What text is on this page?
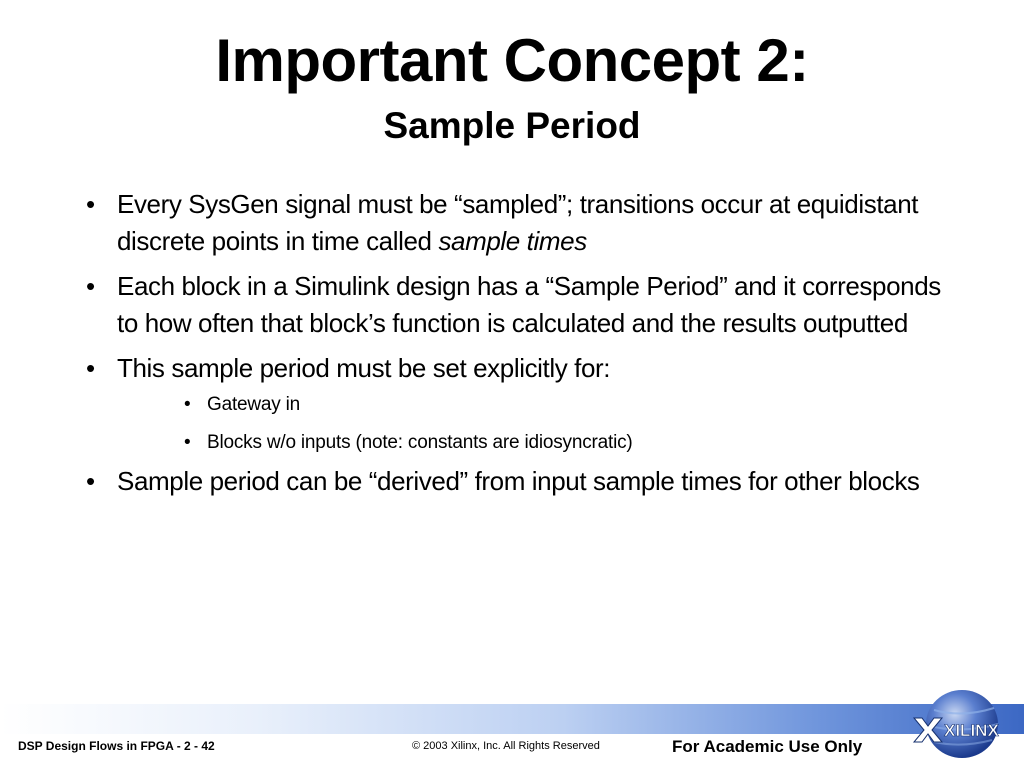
Important Concept 2:
Sample Period
• Every SysGen signal must be “sampled”; transitions occur at equidistant discrete points in time called sample times
• Each block in a Simulink design has a “Sample Period” and it corresponds to how often that block’s function is calculated and the results outputted
• This sample period must be set explicitly for:
• Gateway in
• Blocks w/o inputs (note: constants are idiosyncratic)
• Sample period can be “derived” from input sample times for other blocks
DSP Design Flows in FPGA - 2 - 42	© 2003 Xilinx, Inc. All Rights Reserved	For Academic Use Only
XILINX
